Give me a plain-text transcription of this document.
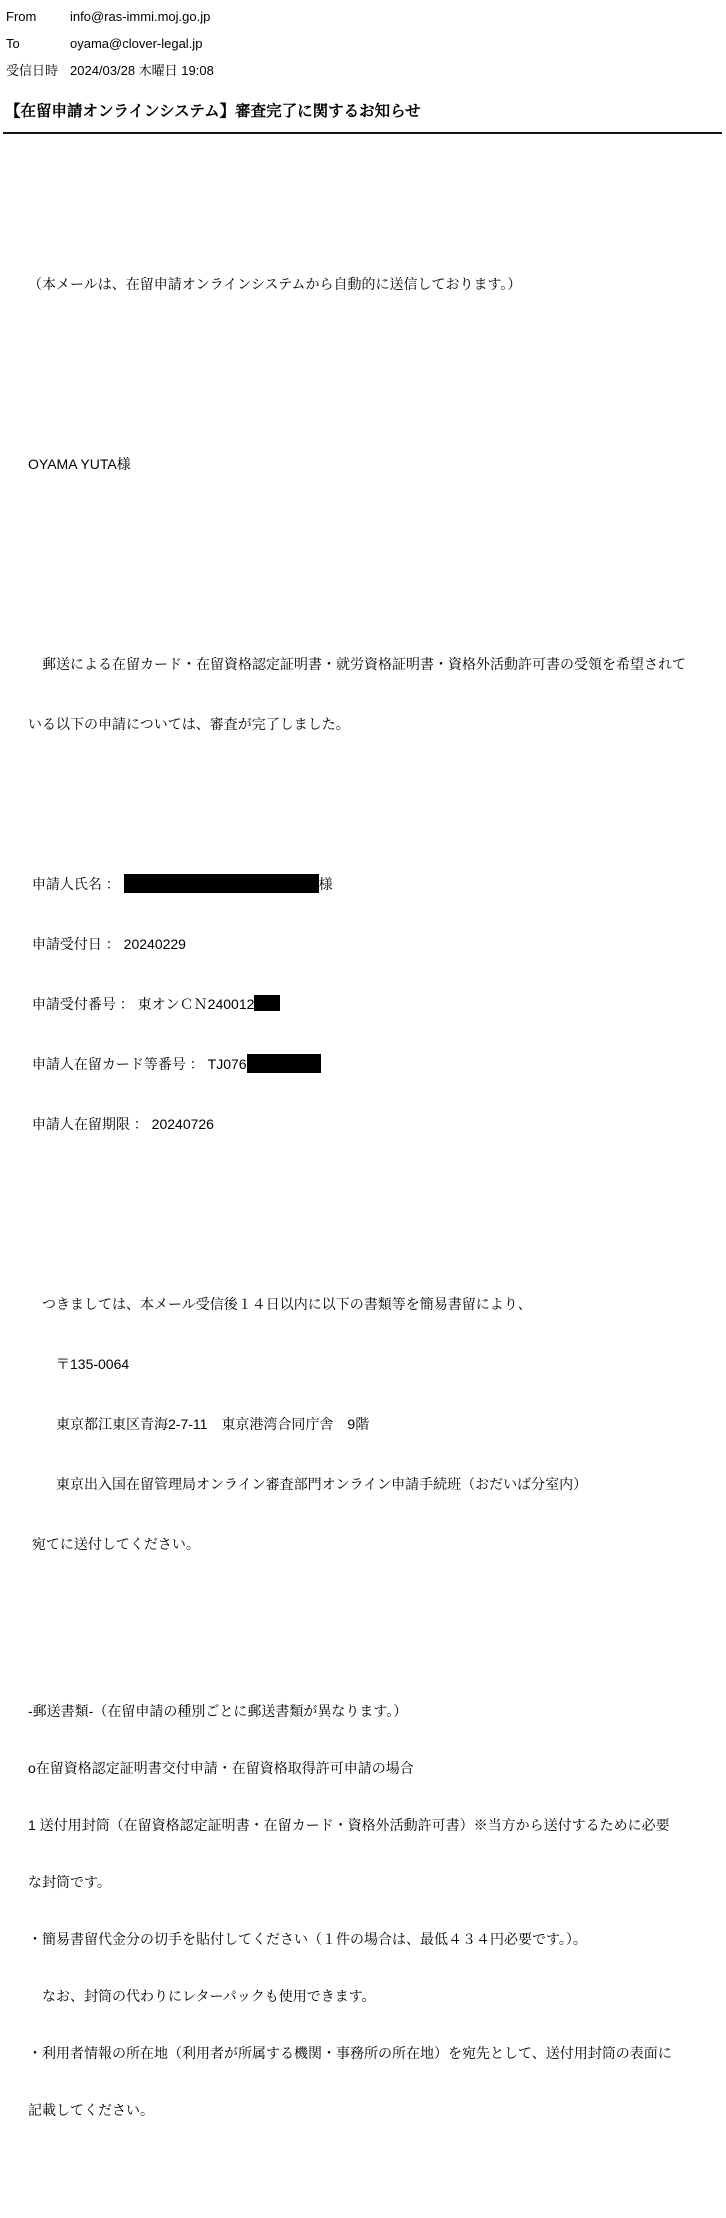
From	info@ras-immi.moj.go.jp
To	oyama@clover-legal.jp
受信日時 2024/03/28 木曜日 19:08
【在留申請オンラインシステム】審査完了に関するお知らせ

（本メールは、在留申請オンラインシステムから自動的に送信しております。）

OYAMA YUTA様

　郵送による在留カード・在留資格認定証明書・就労資格証明書・資格外活動許可書の受領を希望されて

いる以下の申請については、審査が完了しました。

申請人氏名 ：	様

申請受付日 ： 20240229

申請受付番号 ： 東オンＣＮ240012

申請人在留カード等番号 ： TJ076

申請人在留期限 ： 20240726

　つきましては、本メール受信後１４日以内に以下の書類等を簡易書留により、

　　〒135-0064

　　東京都江東区青海2-7-11　東京港湾合同庁舎　9階

　　東京出入国在留管理局オンライン審査部門オンライン申請手続班（おだいば分室内）

宛てに送付してください。

-郵送書類-（在留申請の種別ごとに郵送書類が異なります。）

o在留資格認定証明書交付申請・在留資格取得許可申請の場合

1 送付用封筒（在留資格認定証明書・在留カード・資格外活動許可書）※当方から送付するために必要

な封筒です。

・簡易書留代金分の切手を貼付してください（１件の場合は、最低４３４円必要です。）。

　なお、封筒の代わりにレターパックも使用できます。

・利用者情報の所在地（利用者が所属する機関・事務所の所在地）を宛先として、送付用封筒の表面に

記載してください。
